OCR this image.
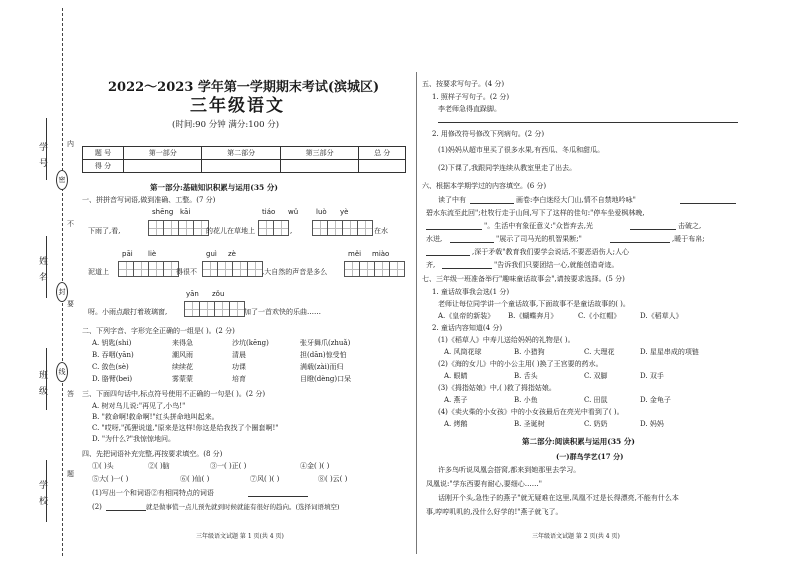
学 号
姓 名
班 级
学 校
密
封
线
内
不
要
答
题
2022～2023 学年第一学期期末考试(滨城区)
三年级语文
(时间:90 分钟 满分:100 分)
题 号	第一部分	第二部分	第三部分	总 分
得 分				
第一部分:基础知识积累与运用(35 分)
一、拼拼音写词语,做到准确、工整。(7 分)
shēng kāi	tiáo wǔ	luò yè
下雨了,看,	的花儿在草地上	,	在水
pāi liè	guì zè	měi miào
泥道上	得很不	,大自然的声音是多么
yān zǒu
呀。小雨点敲打着玻璃窗,	加了一首欢快的乐曲……
二、下列字音、字形完全正确的一组是( )。(2 分)
A. 钥匙(shi)	来得急	沙坑(kēng)	张牙舞爪(zhuǎ)
B. 吞咽(yān)	潮风雨	清晨	担(dān)惊受怕
C. 敛色(sè)	续续花	功课	满载(zài)而归
D. 胳臂(bei)	雾蒙蒙	培育	目瞪(dèng)口呆
三、下面四句话中,标点符号使用不正确的一句是( )。(2 分)
A. 树对乌儿说:"再见了,小鸟!"
B. "救命啊!救命啊!"红头拼命地叫起来。
C. "哎呀,"孤狸说道,"原来是这样!你这是给我找了个圈套啊!"
D. "为什么?"我惊惊地问。
四、先把词语补充完整,再按要求填空。(8 分)
①( )头	②( )脑	③一( )正( )	④金( )( )
⑤大( )一( )	⑥( )仙( )	⑦风( )( )	⑧( )云( )
(1)写出一个和词语②有相同特点的词语
(2)	就是做事慌一点儿预先就到时候就能有很好的趋向。(选择词语填空)
三年级语文试题 第 1 页(共 4 页)
五、按要求写句子。(4 分)
1. 照样子写句子。(2 分)
李老师急得直跺脚。
2. 用修改符号修改下列病句。(2 分)
(1)妈妈从超市里买了很多水果,有西瓜、冬瓜和甜瓜。
(2)下课了,我跟同学连续从教室里走了出去。
六、根据本学期学过的内容填空。(6 分)
读了中有	画卷:李白迷经大门山,情不自禁地吟咏"
碧水东流至此回";杜牧行走于山间,写下了这样的佳句:"停车坐爱枫林晚,
"。生活中有象征意义:"众皆弃去,光	击破之,
水迸,	"展示了司马光的机智果断;"	,暖于布帛;
,深于矛戟"教育我们要学会说话,不要恶语伤人;人心
齐,	"告诉我们只要团结一心,就能创造奇迹。
七、三年级一班准备举行"趣味童话故事会",请按要求选择。(5 分)
1. 童话故事我会选(1 分)
老师让每位同学讲一个童话故事,下面故事不是童话故事的( )。
A.《皇帝的新装》 B.《蝴蝶奔月》	C.《小红帽》	D.《稻草人》
2. 童话内容知道(4 分)
(1)《稻草人》中寿儿送给妈妈的礼物是( )。
A. 风筒花球	B. 小猎狗	C. 大理花	D. 星星串成的项链
(2)《海的女儿》中的小公主用( )换了王宫要的药水。
A. 眼睛	B. 舌头	C. 双脚	D. 双手
(3)《拇指姑娘》中,( )救了拇指姑娘。
A. 燕子	B. 小鱼	C. 田鼠	D. 金龟子
(4)《卖火柴的小女孩》中的小女孩最后在亮光中看到了( )。
A. 烤鹅	B. 圣诞树	C. 奶奶	D. 妈妈
第二部分:阅读积累与运用(35 分)
(一)群鸟学艺(17 分)
许多鸟听说凤凰会搭窝,都来到她那里去学习。
凤凰说:"学东西要有耐心,要细心……"
话刚开个头,急性子的燕子"就无疑难在这里,凤凰不过是长得漂亮,不能有什么本
事,哼哼叽叽的,没什么好学的!"燕子就飞了。
三年级语文试题 第 2 页(共 4 页)
